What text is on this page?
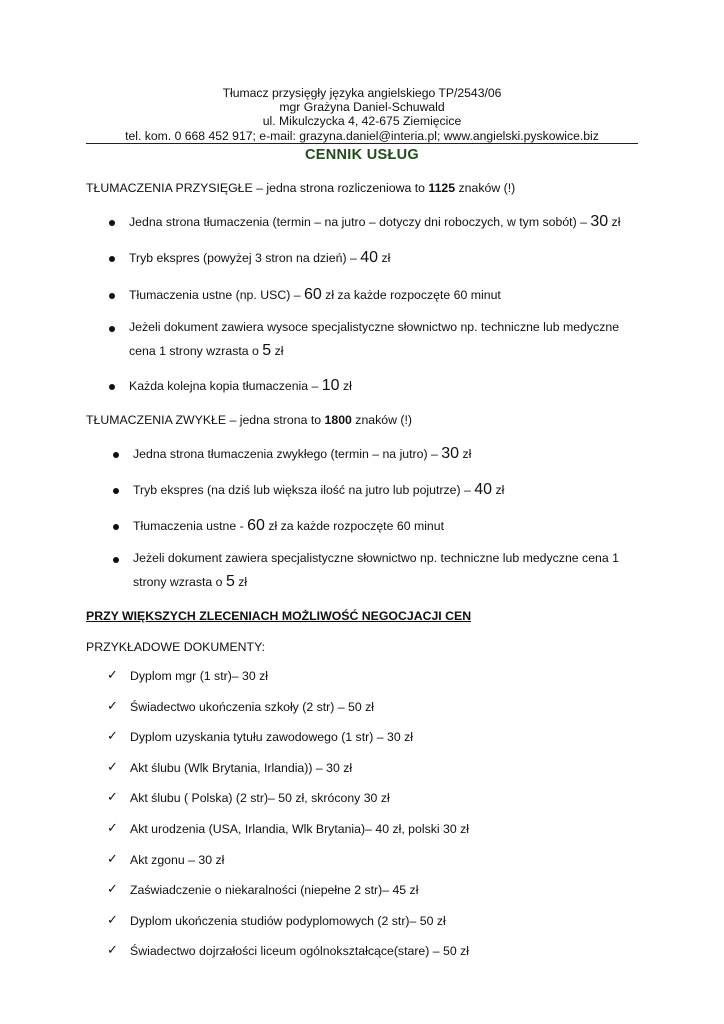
Tłumacz przysięgły języka angielskiego TP/2543/06
mgr Grażyna Daniel-Schuwald
ul. Mikulczycka 4, 42-675 Ziemięcice
tel. kom. 0 668 452 917; e-mail: grazyna.daniel@interia.pl; www.angielski.pyskowice.biz
CENNIK USŁUG
TŁUMACZENIA PRZYSIĘGŁE – jedna strona rozliczeniowa to 1125 znaków (!)
Jedna strona tłumaczenia (termin – na jutro – dotyczy dni roboczych, w tym sobót) – 30 zł
Tryb ekspres (powyżej 3 stron na dzień) – 40 zł
Tłumaczenia ustne (np. USC) – 60 zł za każde rozpoczęte 60 minut
Jeżeli dokument zawiera wysoce specjalistyczne słownictwo np. techniczne lub medyczne
cena 1 strony wzrasta o 5 zł
Każda kolejna kopia tłumaczenia – 10 zł
TŁUMACZENIA ZWYKŁE – jedna strona to 1800 znaków (!)
Jedna strona tłumaczenia zwykłego (termin – na jutro) – 30 zł
Tryb ekspres (na dziś lub większa ilość na jutro lub pojutrze) – 40 zł
Tłumaczenia ustne - 60 zł za każde rozpoczęte 60 minut
Jeżeli dokument zawiera specjalistyczne słownictwo np. techniczne lub medyczne cena 1
strony wzrasta o 5 zł
PRZY WIĘKSZYCH ZLECENIACH MOŻLIWOŚĆ NEGOCJACJI CEN
PRZYKŁADOWE DOKUMENTY:
✓ Dyplom mgr (1 str)– 30 zł
✓ Świadectwo ukończenia szkoły (2 str) – 50 zł
✓ Dyplom uzyskania tytułu zawodowego (1 str) – 30 zł
✓ Akt ślubu (Wlk Brytania, Irlandia)) – 30 zł
✓ Akt ślubu ( Polska) (2 str)– 50 zł, skrócony 30 zł
✓ Akt urodzenia (USA, Irlandia, Wlk Brytania)– 40 zł, polski 30 zł
✓ Akt zgonu – 30 zł
✓ Zaświadczenie o niekaralności (niepełne 2 str)– 45 zł
✓ Dyplom ukończenia studiów podyplomowych (2 str)– 50 zł
✓ Świadectwo dojrzałości liceum ogólnokształcące(stare) – 50 zł
